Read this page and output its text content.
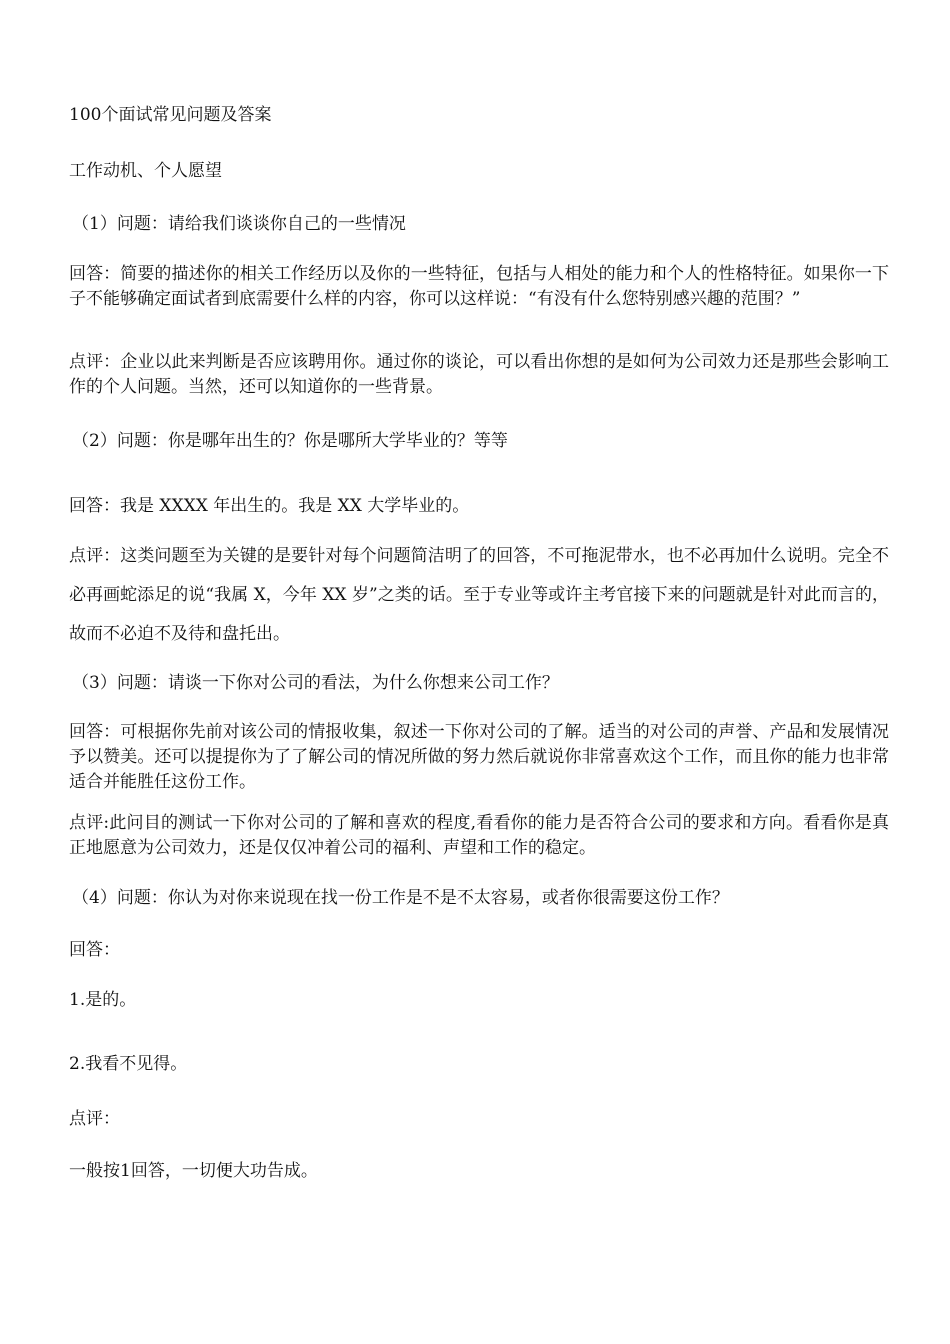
100个面试常见问题及答案
工作动机、个人愿望
（1）问题：请给我们谈谈你自己的一些情况
回答：简要的描述你的相关工作经历以及你的一些特征，包括与人相处的能力和个人的性格特征。如果你一下子不能够确定面试者到底需要什么样的内容，你可以这样说：“有没有什么您特别感兴趣的范围？”
点评：企业以此来判断是否应该聘用你。通过你的谈论，可以看出你想的是如何为公司效力还是那些会影响工作的个人问题。当然，还可以知道你的一些背景。
（2）问题：你是哪年出生的？你是哪所大学毕业的？等等
回答：我是 XXXX 年出生的。我是 XX 大学毕业的。
点评：这类问题至为关键的是要针对每个问题简洁明了的回答，不可拖泥带水，也不必再加什么说明。完全不必再画蛇添足的说“我属 X，今年 XX 岁”之类的话。至于专业等或许主考官接下来的问题就是针对此而言的，故而不必迫不及待和盘托出。
（3）问题：请谈一下你对公司的看法，为什么你想来公司工作？
回答：可根据你先前对该公司的情报收集，叙述一下你对公司的了解。适当的对公司的声誉、产品和发展情况予以赞美。还可以提提你为了了解公司的情况所做的努力然后就说你非常喜欢这个工作，而且你的能力也非常适合并能胜任这份工作。
点评:此问目的测试一下你对公司的了解和喜欢的程度,看看你的能力是否符合公司的要求和方向。看看你是真正地愿意为公司效力，还是仅仅冲着公司的福利、声望和工作的稳定。
（4）问题：你认为对你来说现在找一份工作是不是不太容易，或者你很需要这份工作？
回答：
1.是的。
2.我看不见得。
点评：
一般按1回答，一切便大功告成。
